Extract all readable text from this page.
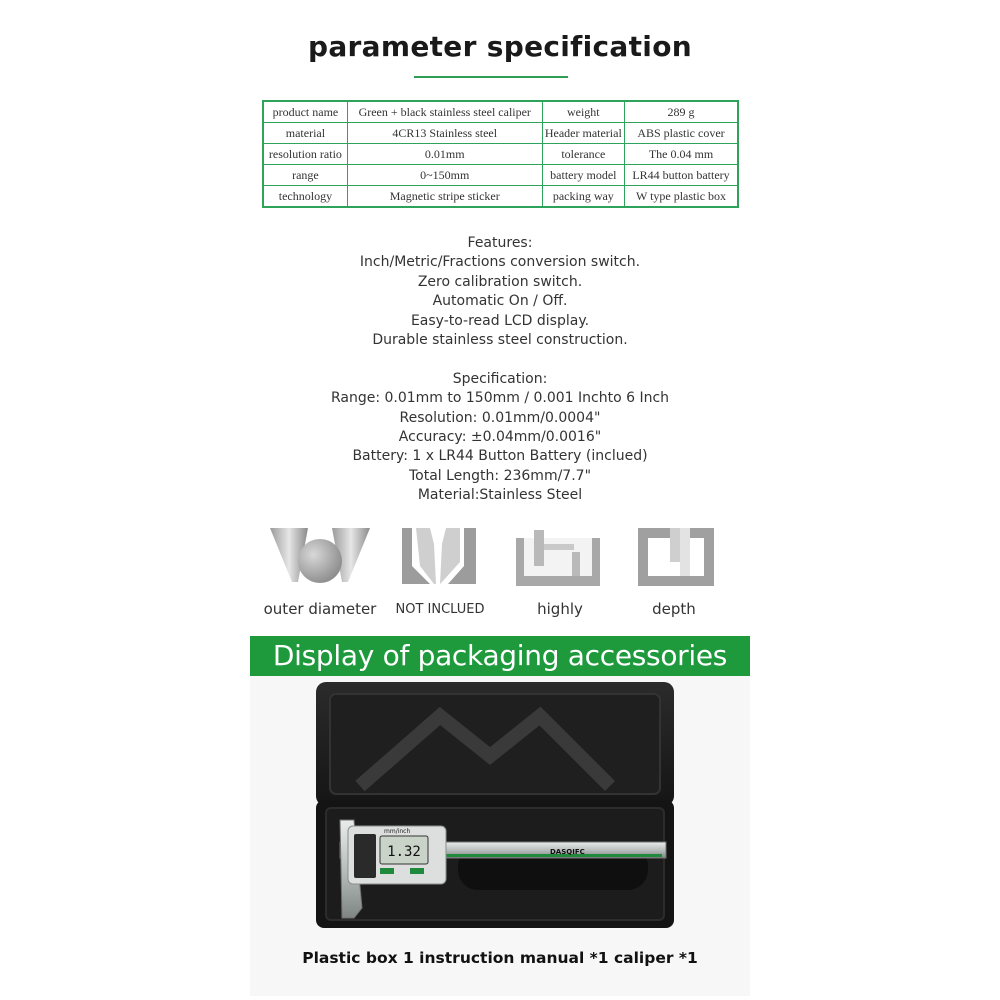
parameter specification
product name	Green + black stainless steel caliper	weight	289 g
material	4CR13 Stainless steel	Header material	ABS plastic cover
resolution ratio	0.01mm	tolerance	The 0.04 mm
range	0~150mm	battery model	LR44 button battery
technology	Magnetic stripe sticker	packing way	W type plastic box
Features:
Inch/Metric/Fractions conversion switch.
Zero calibration switch.
Automatic On / Off.
Easy-to-read LCD display.
Durable stainless steel construction.
Specification:
Range: 0.01mm to 150mm / 0.001 Inchto 6 Inch
Resolution: 0.01mm/0.0004"
Accuracy: ±0.04mm/0.0016"
Battery: 1 x LR44 Button Battery (inclued)
Total Length: 236mm/7.7"
Material:Stainless Steel
outer diameter	NOT INCLUED	highly	depth
Display of packaging accessories
1.32
mm/inch
DASQIFC
Plastic box 1 instruction manual *1 caliper *1
